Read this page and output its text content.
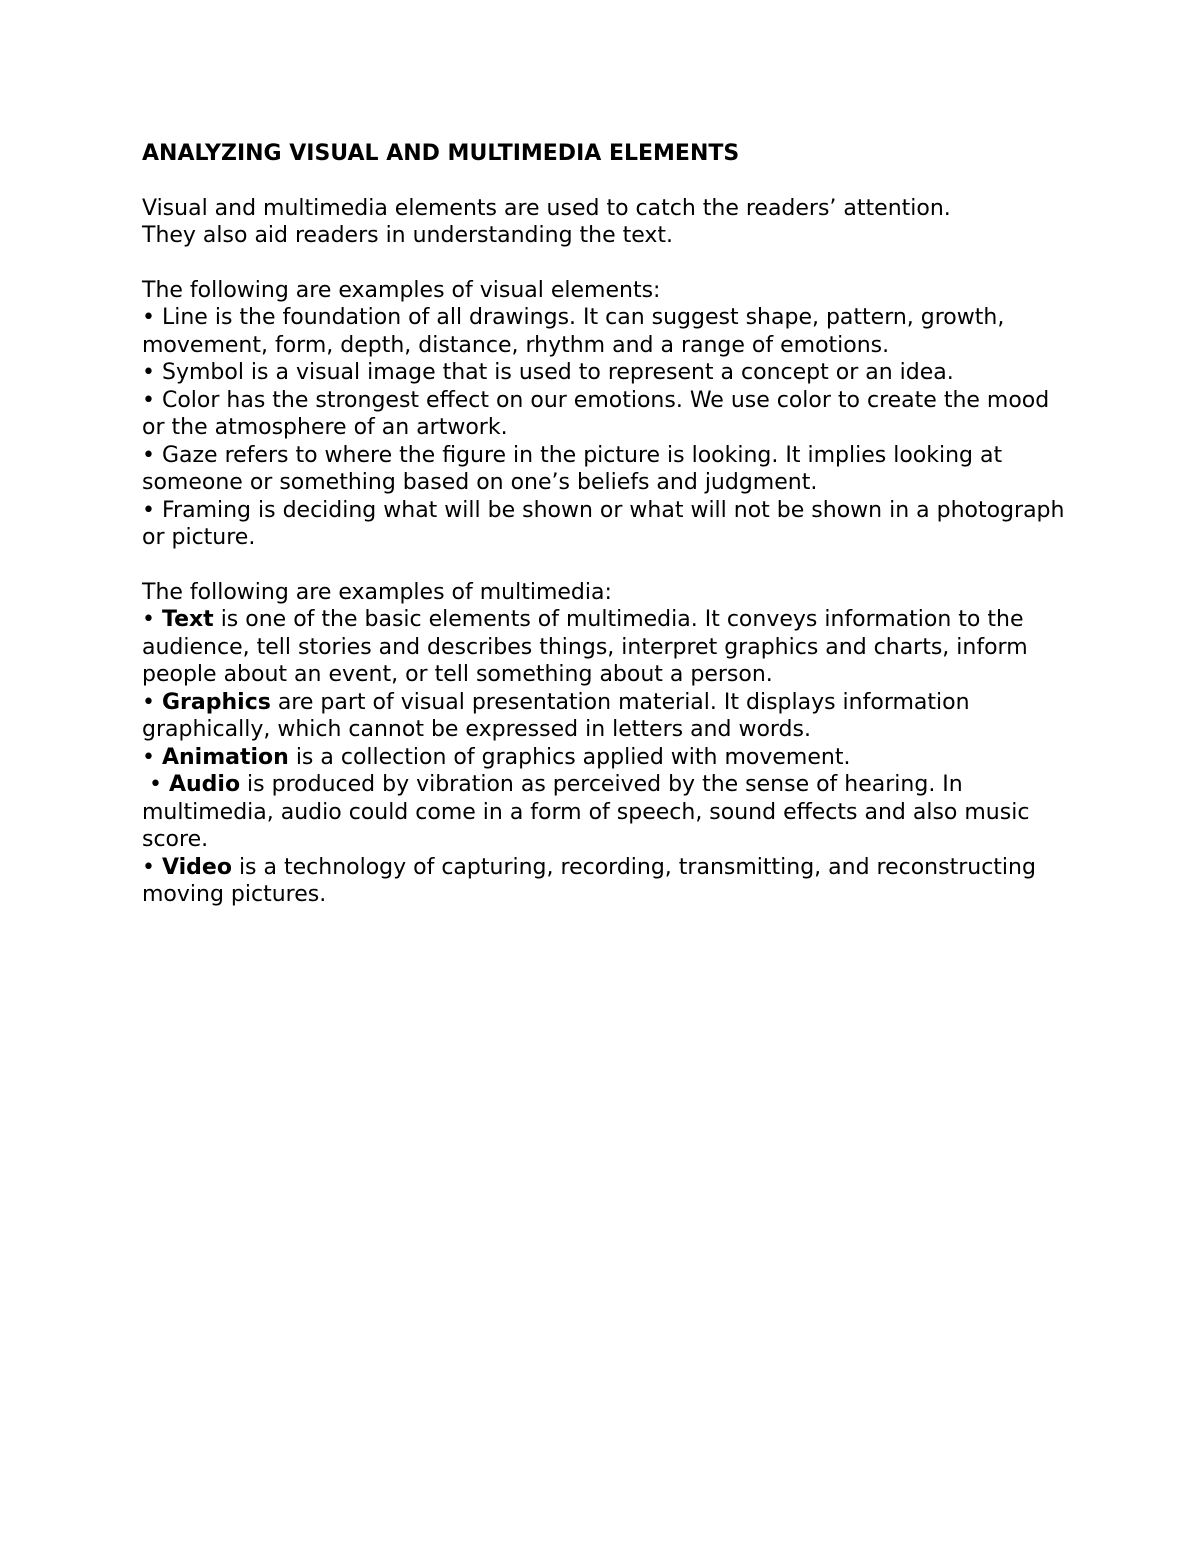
ANALYZING VISUAL AND MULTIMEDIA ELEMENTS

Visual and multimedia elements are used to catch the readers’ attention.
They also aid readers in understanding the text.

The following are examples of visual elements:

• Line is the foundation of all drawings. It can suggest shape, pattern, growth, movement, form, depth, distance, rhythm and a range of emotions.

• Symbol is a visual image that is used to represent a concept or an idea.

• Color has the strongest effect on our emotions. We use color to create the mood or the atmosphere of an artwork.

• Gaze refers to where the figure in the picture is looking. It implies looking at someone or something based on one’s beliefs and judgment.

• Framing is deciding what will be shown or what will not be shown in a photograph or picture.

The following are examples of multimedia:

• Text is one of the basic elements of multimedia. It conveys information to the audience, tell stories and describes things, interpret graphics and charts, inform people about an event, or tell something about a person.

• Graphics are part of visual presentation material. It displays information graphically, which cannot be expressed in letters and words.

• Animation is a collection of graphics applied with movement.

• Audio is produced by vibration as perceived by the sense of hearing. In multimedia, audio could come in a form of speech, sound effects and also music score.

• Video is a technology of capturing, recording, transmitting, and reconstructing moving pictures.
